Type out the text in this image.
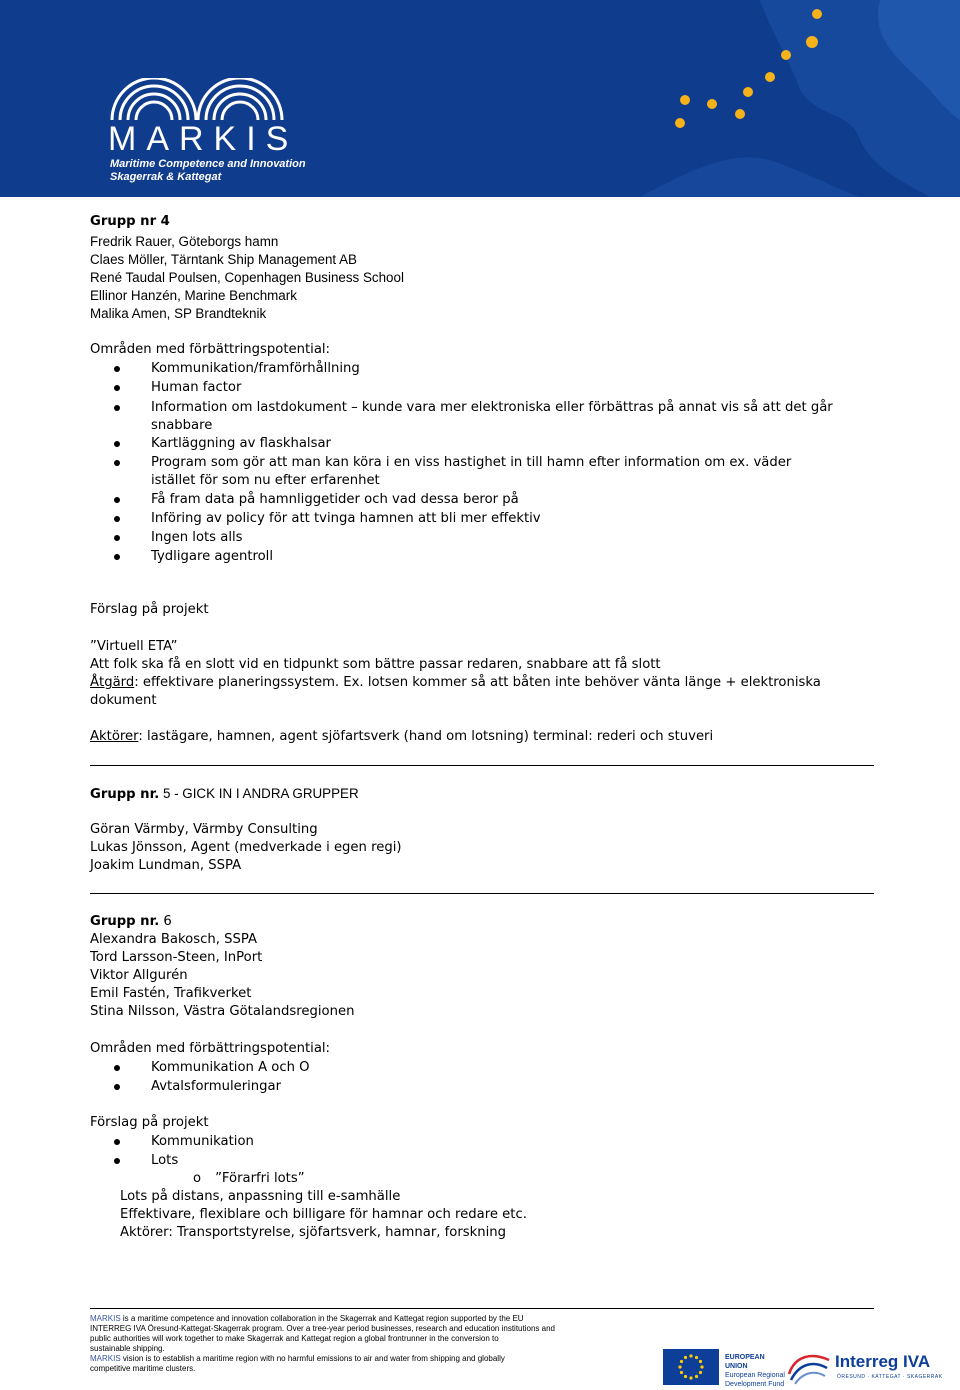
MARKIS
Maritime Competence and Innovation
Skagerrak & Kattegat
Grupp nr 4
Fredrik Rauer, Göteborgs hamn
Claes Möller, Tärntank Ship Management AB
René Taudal Poulsen, Copenhagen Business School
Ellinor Hanzén, Marine Benchmark
Malika Amen, SP Brandteknik
Områden med förbättringspotential:
Kommunikation/framförhållning
Human factor
Information om lastdokument – kunde vara mer elektroniska eller förbättras på annat vis så att det går
snabbare
Kartläggning av flaskhalsar
Program som gör att man kan köra i en viss hastighet in till hamn efter information om ex. väder
istället för som nu efter erfarenhet
Få fram data på hamnliggetider och vad dessa beror på
Införing av policy för att tvinga hamnen att bli mer effektiv
Ingen lots alls
Tydligare agentroll
Förslag på projekt
”Virtuell ETA”
Att folk ska få en slott vid en tidpunkt som bättre passar redaren, snabbare att få slott
Åtgärd: effektivare planeringssystem. Ex. lotsen kommer så att båten inte behöver vänta länge + elektroniska
dokument
Aktörer: lastägare, hamnen, agent sjöfartsverk (hand om lotsning) terminal: rederi och stuveri
Grupp nr. 5 - GICK IN I ANDRA GRUPPER
Göran Värmby, Värmby Consulting
Lukas Jönsson, Agent (medverkade i egen regi)
Joakim Lundman, SSPA
Grupp nr. 6
Alexandra Bakosch, SSPA
Tord Larsson-Steen, InPort
Viktor Allgurén
Emil Fastén, Trafikverket
Stina Nilsson, Västra Götalandsregionen
Områden med förbättringspotential:
Kommunikation A och O
Avtalsformuleringar
Förslag på projekt
Kommunikation
Lots
o ”Förarfri lots”
Lots på distans, anpassning till e-samhälle
Effektivare, flexiblare och billigare för hamnar och redare etc.
Aktörer: Transportstyrelse, sjöfartsverk, hamnar, forskning
MARKIS is a maritime competence and innovation collaboration in the Skagerrak and Kattegat region supported by the EU
INTERREG IVA Öresund-Kattegat-Skagerrak program. Over a tree-year period businesses, research and education institutions and
public authorities will work together to make Skagerrak and Kattegat region a global frontrunner in the conversion to
sustainable shipping.
MARKIS vision is to establish a maritime region with no harmful emissions to air and water from shipping and globally
competitive maritime clusters.
EUROPEAN
UNION
European Regional
Development Fund
Interreg IVA
ÖRESUND · KATTEGAT · SKAGERRAK
